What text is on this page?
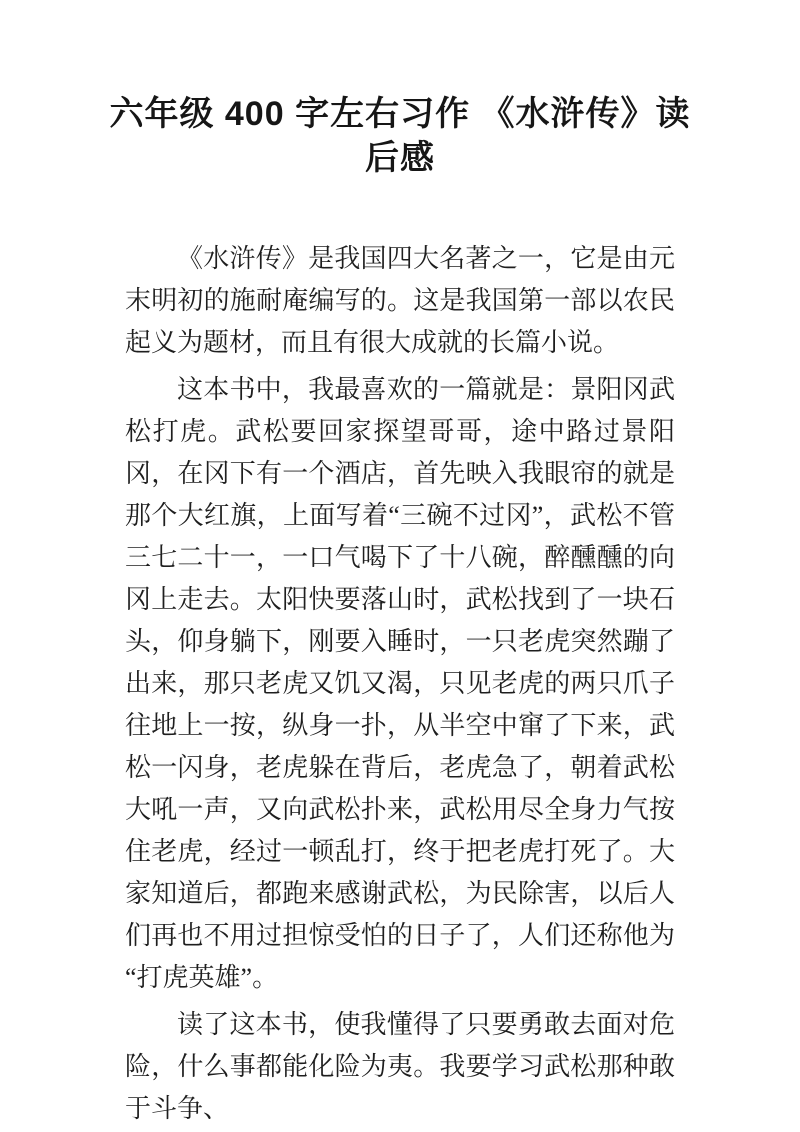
六年级 400 字左右习作 《水浒传》读
后感

《水浒传》是我国四大名著之一，它是由元末明初的施耐庵编写的。这是我国第一部以农民起义为题材，而且有很大成就的长篇小说。

这本书中，我最喜欢的一篇就是：景阳冈武松打虎。武松要回家探望哥哥，途中路过景阳冈，在冈下有一个酒店，首先映入我眼帘的就是那个大红旗，上面写着“三碗不过冈”，武松不管三七二十一，一口气喝下了十八碗，醉醺醺的向冈上走去。太阳快要落山时，武松找到了一块石头，仰身躺下，刚要入睡时，一只老虎突然蹦了出来，那只老虎又饥又渴，只见老虎的两只爪子往地上一按，纵身一扑，从半空中窜了下来，武松一闪身，老虎躲在背后，老虎急了，朝着武松大吼一声，又向武松扑来，武松用尽全身力气按住老虎，经过一顿乱打，终于把老虎打死了。大家知道后，都跑来感谢武松，为民除害，以后人们再也不用过担惊受怕的日子了，人们还称他为“打虎英雄”。

读了这本书，使我懂得了只要勇敢去面对危险，什么事都能化险为夷。我要学习武松那种敢于斗争、
